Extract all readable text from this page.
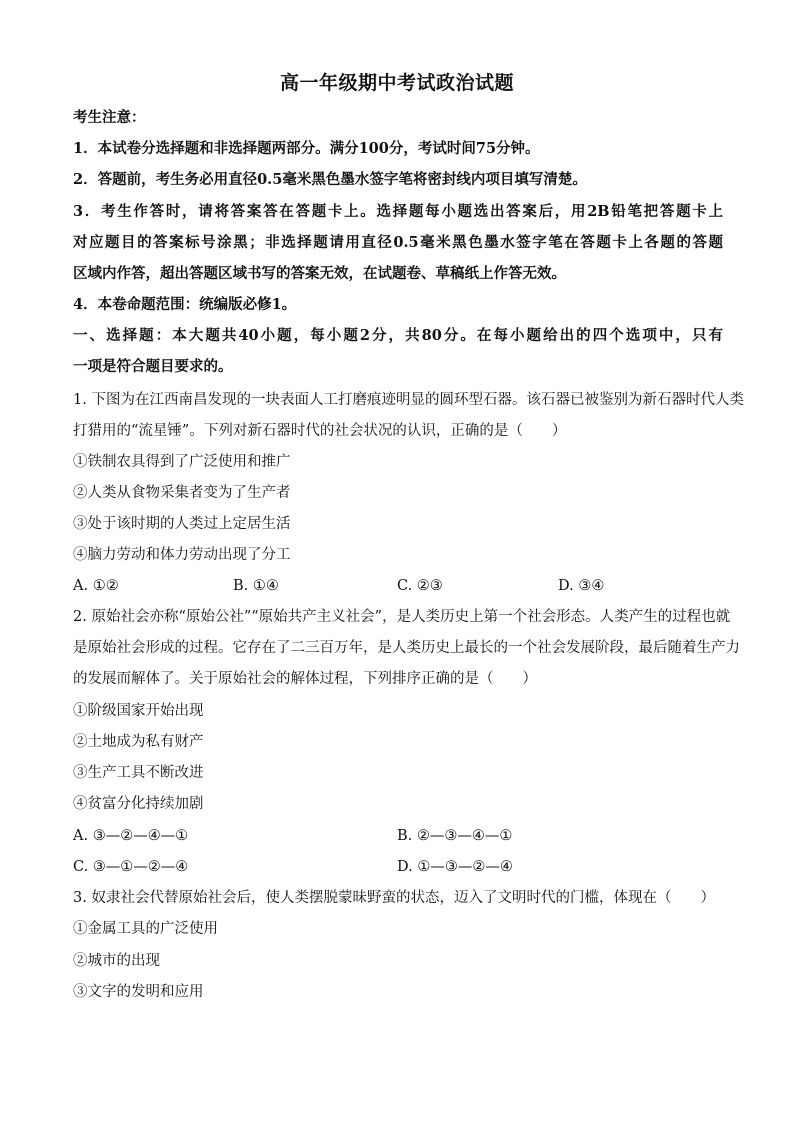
高一年级期中考试政治试题
考生注意：
1．本试卷分选择题和非选择题两部分。满分100分，考试时间75分钟。
2．答题前，考生务必用直径0.5毫米黑色墨水签字笔将密封线内项目填写清楚。
3．考生作答时，请将答案答在答题卡上。选择题每小题选出答案后，用2B铅笔把答题卡上
对应题目的答案标号涂黑；非选择题请用直径0.5毫米黑色墨水签字笔在答题卡上各题的答题
区域内作答，超出答题区域书写的答案无效，在试题卷、草稿纸上作答无效。
4．本卷命题范围：统编版必修1。
一、选择题：本大题共40小题，每小题2分，共80分。在每小题给出的四个选项中，只有
一项是符合题目要求的。
1. 下图为在江西南昌发现的一块表面人工打磨痕迹明显的圆环型石器。该石器已被鉴别为新石器时代人类
打猎用的“流星锤”。下列对新石器时代的社会状况的认识，正确的是（　　）
①铁制农具得到了广泛使用和推广
②人类从食物采集者变为了生产者
③处于该时期的人类过上定居生活
④脑力劳动和体力劳动出现了分工
A. ①②	B. ①④	C. ②③	D. ③④
2. 原始社会亦称“原始公社”“原始共产主义社会”，是人类历史上第一个社会形态。人类产生的过程也就
是原始社会形成的过程。它存在了二三百万年，是人类历史上最长的一个社会发展阶段，最后随着生产力
的发展而解体了。关于原始社会的解体过程，下列排序正确的是（　　）
①阶级国家开始出现
②土地成为私有财产
③生产工具不断改进
④贫富分化持续加剧
A. ③—②—④—①	B. ②—③—④—①
C. ③—①—②—④	D. ①—③—②—④
3. 奴隶社会代替原始社会后，使人类摆脱蒙昧野蛮的状态，迈入了文明时代的门槛，体现在（　　）
①金属工具的广泛使用
②城市的出现
③文字的发明和应用
